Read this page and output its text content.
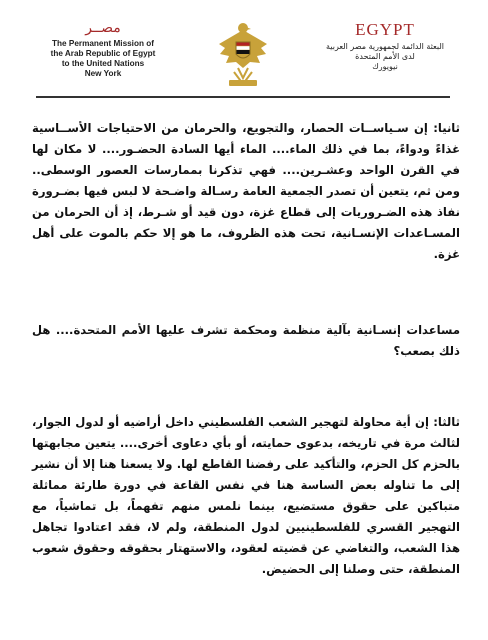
مصــر
The Permanent Mission of
the Arab Republic of Egypt
to the United Nations
New York
EGYPT
البعثة الدائمة لجمهورية مصر العربية
لدى الأمم المتحدة
نيويورك

ثانيا: إن سـياســات الحصار، والتجويع، والحرمان من الاحتياجات الأســاسية غذاءً ودواءً، بما في ذلك الماء.... الماء أيها السادة الحضـور.... لا مكان لها في القرن الواحد وعشـرين.... فهي تذكرنا بممارسات العصور الوسطى.. ومن ثم، يتعين أن تصدر الجمعية العامة رسـالة واضـحة لا لبس فيها بضـرورة نفاذ هذه الضـروريات إلى قطاع غزة، دون قيد أو شـرط، إذ أن الحرمان من المسـاعدات الإنسـانية، تحت هذه الظروف، ما هو إلا حكم بالموت على أهل غزة.

مساعدات إنسـانية بآلية منظمة ومحكمة تشرف عليها الأمم المتحدة.... هل ذلك بصعب؟

ثالثا: إن أية محاولة لتهجير الشعب الفلسطيني داخل أراضيه أو لدول الجوار، لثالث مرة في تاريخه، بدعوى حمايته، أو بأي دعاوى أخرى.... يتعين مجابهتها بالحزم كل الحزم، والتأكيد على رفضنا القاطع لها. ولا يسعنا هنا إلا أن نشير إلى ما تناوله بعض الساسة هنا في نفس القاعة في دورة طارئة مماثلة متباكين على حقوق مستضيع، بينما نلمس منهم تفهماً، بل تماشياً، مع التهجير القسري للفلسطينيين لدول المنطقة، ولم لا، فقد اعتادوا تجاهل هذا الشعب، والتغاضي عن قضيته لعقود، والاستهتار بحقوقه وحقوق شعوب المنطقة، حتى وصلنا إلى الحضيض.
